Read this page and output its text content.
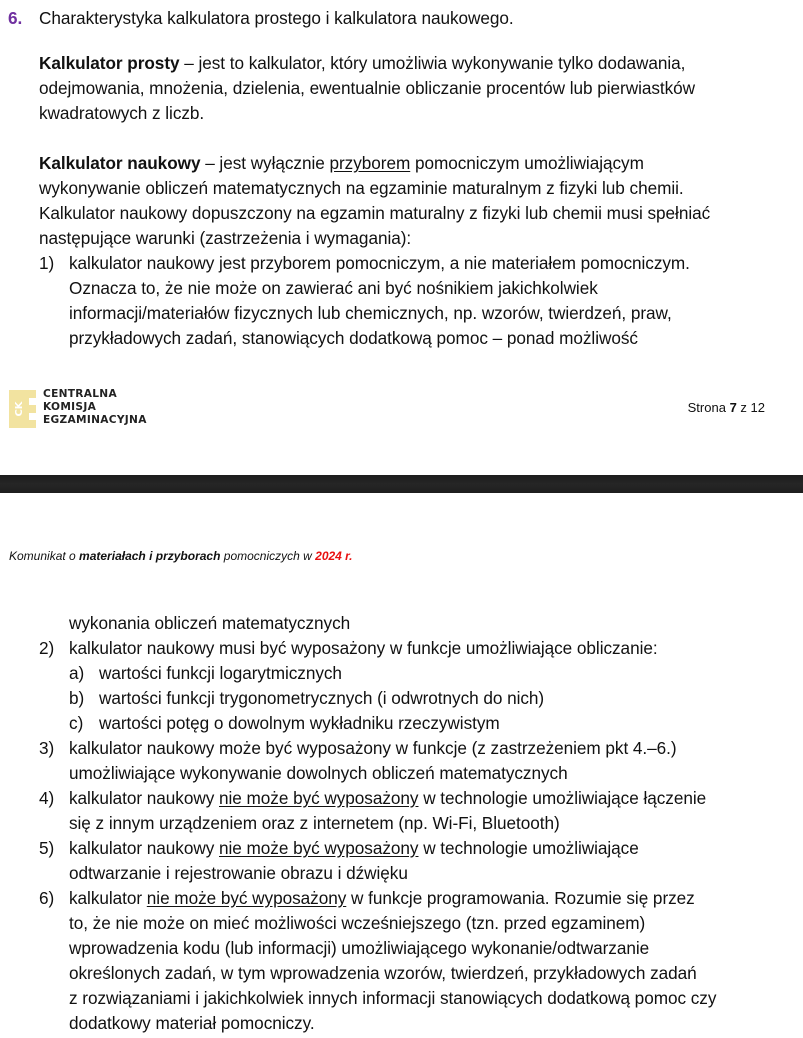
6. Charakterystyka kalkulatora prostego i kalkulatora naukowego.
Kalkulator prosty – jest to kalkulator, który umożliwia wykonywanie tylko dodawania,
odejmowania, mnożenia, dzielenia, ewentualnie obliczanie procentów lub pierwiastków
kwadratowych z liczb.
Kalkulator naukowy – jest wyłącznie przyborem pomocniczym umożliwiającym
wykonywanie obliczeń matematycznych na egzaminie maturalnym z fizyki lub chemii.
Kalkulator naukowy dopuszczony na egzamin maturalny z fizyki lub chemii musi spełniać
następujące warunki (zastrzeżenia i wymagania):
1) kalkulator naukowy jest przyborem pomocniczym, a nie materiałem pomocniczym.
Oznacza to, że nie może on zawierać ani być nośnikiem jakichkolwiek
informacji/materiałów fizycznych lub chemicznych, np. wzorów, twierdzeń, praw,
przykładowych zadań, stanowiących dodatkową pomoc – ponad możliwość
CK
CENTRALNA
KOMISJA
EGZAMINACYJNA
Strona 7 z 12
Komunikat o materiałach i przyborach pomocniczych w 2024 r.
wykonania obliczeń matematycznych
2) kalkulator naukowy musi być wyposażony w funkcje umożliwiające obliczanie:
a) wartości funkcji logarytmicznych
b) wartości funkcji trygonometrycznych (i odwrotnych do nich)
c) wartości potęg o dowolnym wykładniku rzeczywistym
3) kalkulator naukowy może być wyposażony w funkcje (z zastrzeżeniem pkt 4.–6.)
umożliwiające wykonywanie dowolnych obliczeń matematycznych
4) kalkulator naukowy nie może być wyposażony w technologie umożliwiające łączenie
się z innym urządzeniem oraz z internetem (np. Wi-Fi, Bluetooth)
5) kalkulator naukowy nie może być wyposażony w technologie umożliwiające
odtwarzanie i rejestrowanie obrazu i dźwięku
6) kalkulator nie może być wyposażony w funkcje programowania. Rozumie się przez
to, że nie może on mieć możliwości wcześniejszego (tzn. przed egzaminem)
wprowadzenia kodu (lub informacji) umożliwiającego wykonanie/odtwarzanie
określonych zadań, w tym wprowadzenia wzorów, twierdzeń, przykładowych zadań
z rozwiązaniami i jakichkolwiek innych informacji stanowiących dodatkową pomoc czy
dodatkowy materiał pomocniczy.
